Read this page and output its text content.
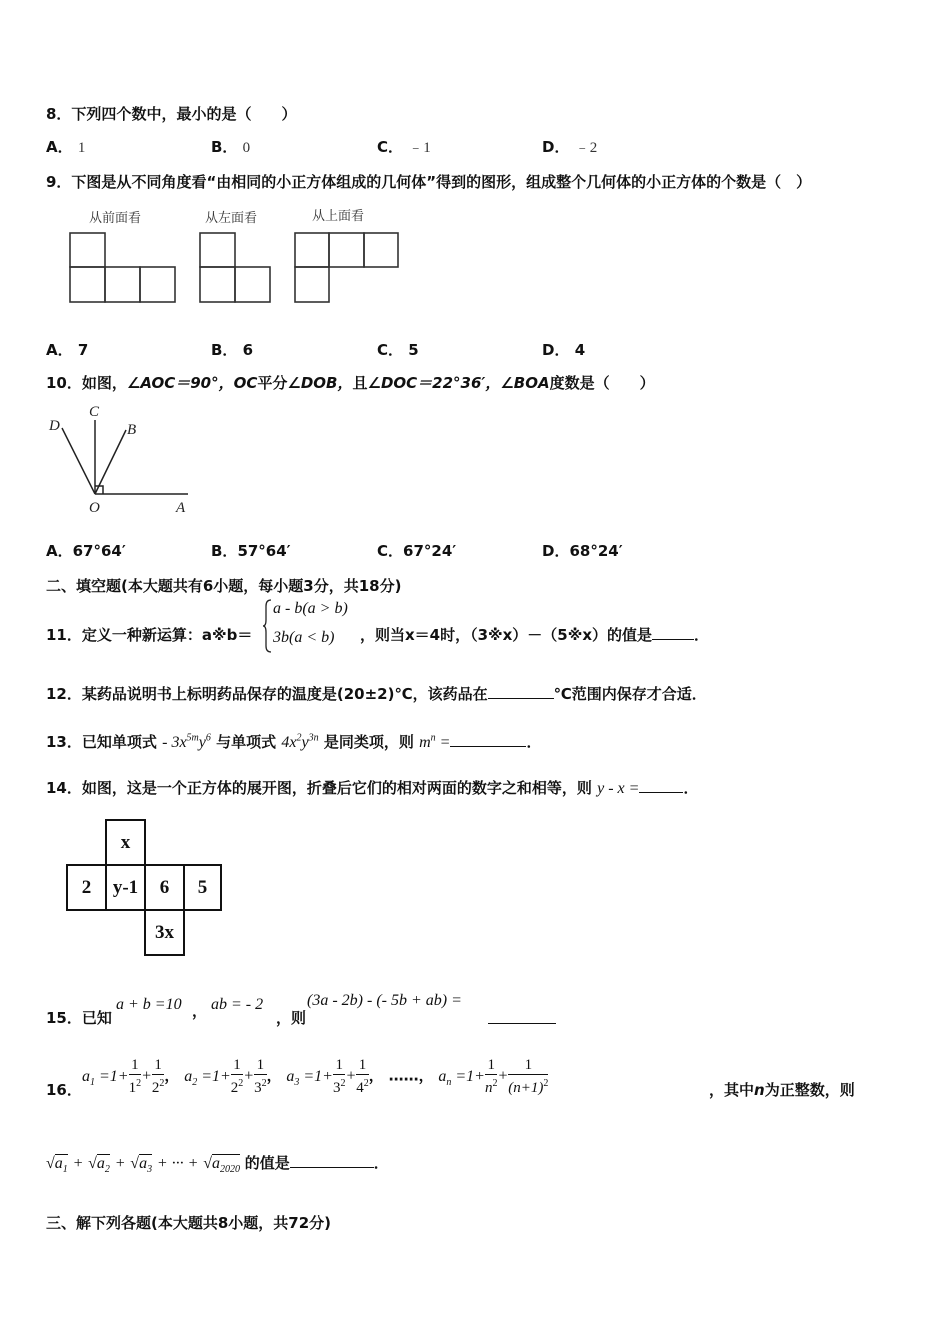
8．下列四个数中，最小的是（　　）
A． 1	B． 0	C． ﹣1	D． ﹣2
9．下图是从不同角度看“由相同的小正方体组成的几何体”得到的图形，组成整个几何体的小正方体的个数是（　）
从前面看	从左面看	从上面看
A． 7	B． 6	C． 5	D． 4
10．如图，∠AOC＝90°，OC平分∠DOB，且∠DOC＝22°36′，∠BOA度数是（　　）
D
C
B
O	A
A．67°64′	B．57°64′	C．67°24′	D．68°24′
二、填空题(本大题共有6小题，每小题3分，共18分)
11．定义一种新运算：a※b＝
a - b(a > b)
3b(a < b) ，则当x＝4时，（3※x）－（5※x）的值是	．
12．某药品说明书上标明药品保存的温度是(20±2)℃，该药品在	℃范围内保存才合适．
13．已知单项式 - $3x^{5m}y^6$ 与单项式 $4x^2y^{3n}$ 是同类项，则 $m^n$ =	．
14．如图，这是一个正方体的展开图，折叠后它们的相对两面的数字之和相等，则 y - x =	．
x
2	y-1	6	5
3x
15．已知
a + b =10 ， ab = - 2
，则
(3a - 2b) - (- 5b + ab) =
16．
$a_1 =1+ \frac{1}{1^2} + \frac{1}{2^2}$ ， $a_2 =1+ \frac{1}{2^2} + \frac{1}{3^2}$ ， $a_3 =1+ \frac{1}{3^2} + \frac{1}{4^2}$ ， ……， $a_n =1+ \frac{1}{n^2} + \frac{1}{(n+1)^2}$	，其中n为正整数，则
$√a_1 + √a_2 + √a_3$ + ··· + $√a_{2020}$ 的值是	．
三、解下列各题(本大题共8小题，共72分)
